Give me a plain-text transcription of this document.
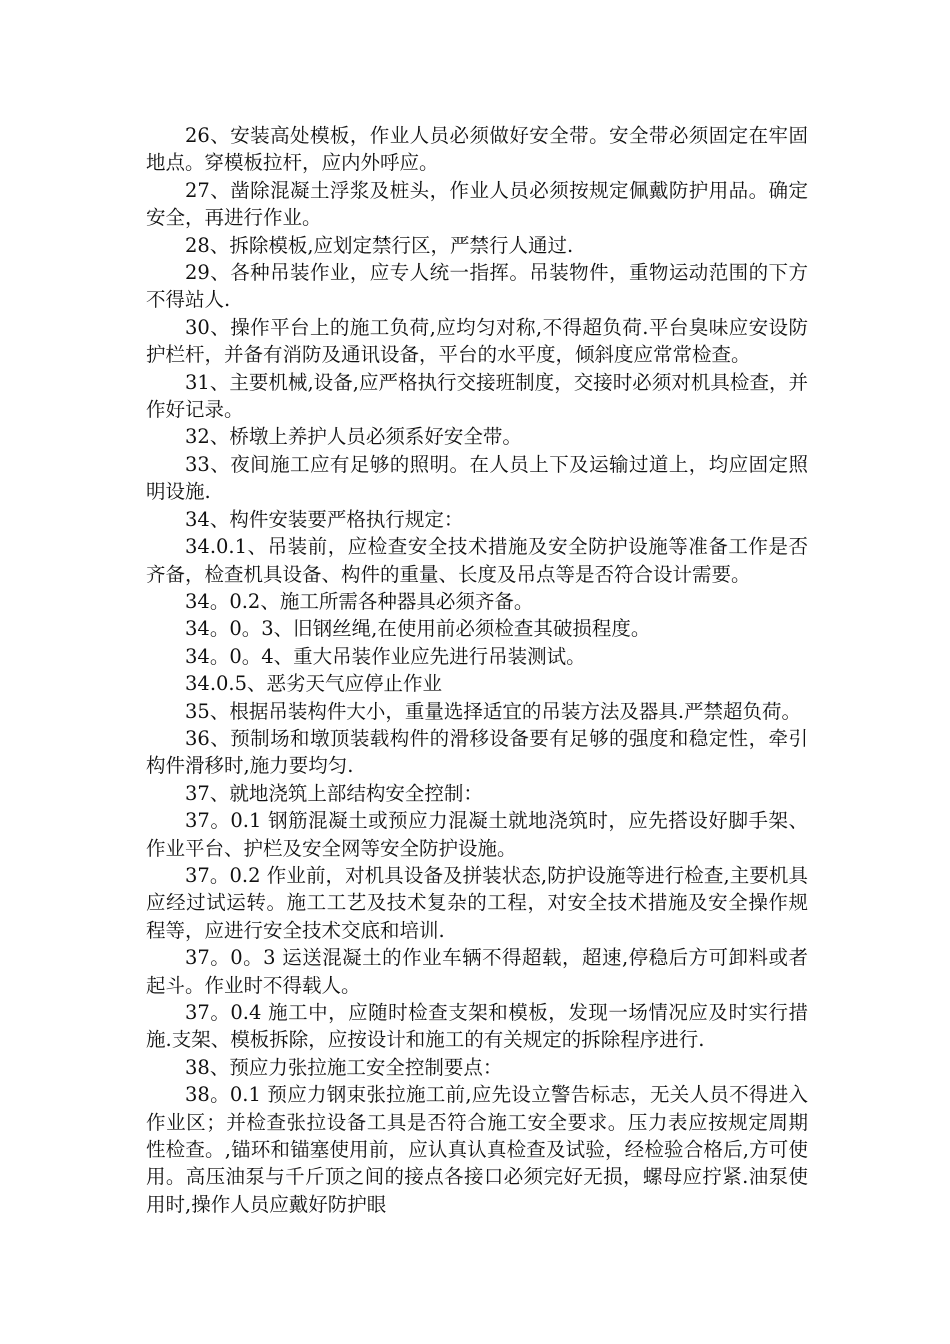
26、安装高处模板，作业人员必须做好安全带。安全带必须固定在牢固地点。穿模板拉杆，应内外呼应。

27、凿除混凝土浮浆及桩头，作业人员必须按规定佩戴防护用品。确定安全，再进行作业。

28、拆除模板,应划定禁行区，严禁行人通过.

29、各种吊装作业，应专人统一指挥。吊装物件，重物运动范围的下方不得站人.

30、操作平台上的施工负荷,应均匀对称,不得超负荷.平台臭味应安设防护栏杆，并备有消防及通讯设备，平台的水平度，倾斜度应常常检查。

31、主要机械,设备,应严格执行交接班制度，交接时必须对机具检查，并作好记录。

32、桥墩上养护人员必须系好安全带。

33、夜间施工应有足够的照明。在人员上下及运输过道上，均应固定照明设施.

34、构件安装要严格执行规定：

34.0.1、吊装前，应检查安全技术措施及安全防护设施等准备工作是否齐备，检查机具设备、构件的重量、长度及吊点等是否符合设计需要。

34。0.2、施工所需各种器具必须齐备。

34。0。3、旧钢丝绳,在使用前必须检查其破损程度。

34。0。4、重大吊装作业应先进行吊装测试。

34.0.5、恶劣天气应停止作业

35、根据吊装构件大小，重量选择适宜的吊装方法及器具.严禁超负荷。

36、预制场和墩顶装载构件的滑移设备要有足够的强度和稳定性，牵引构件滑移时,施力要均匀.

37、就地浇筑上部结构安全控制：

37。0.1 钢筋混凝土或预应力混凝土就地浇筑时，应先搭设好脚手架、作业平台、护栏及安全网等安全防护设施。

37。0.2 作业前，对机具设备及拼装状态,防护设施等进行检查,主要机具应经过试运转。施工工艺及技术复杂的工程，对安全技术措施及安全操作规程等，应进行安全技术交底和培训.

37。0。3 运送混凝土的作业车辆不得超载，超速,停稳后方可卸料或者起斗。作业时不得载人。

37。0.4 施工中，应随时检查支架和模板，发现一场情况应及时实行措施.支架、模板拆除，应按设计和施工的有关规定的拆除程序进行.

38、预应力张拉施工安全控制要点：

38。0.1 预应力钢束张拉施工前,应先设立警告标志，无关人员不得进入作业区；并检查张拉设备工具是否符合施工安全要求。压力表应按规定周期性检查。,锚环和锚塞使用前，应认真认真检查及试验，经检验合格后,方可使用。高压油泵与千斤顶之间的接点各接口必须完好无损，螺母应拧紧.油泵使用时,操作人员应戴好防护眼
